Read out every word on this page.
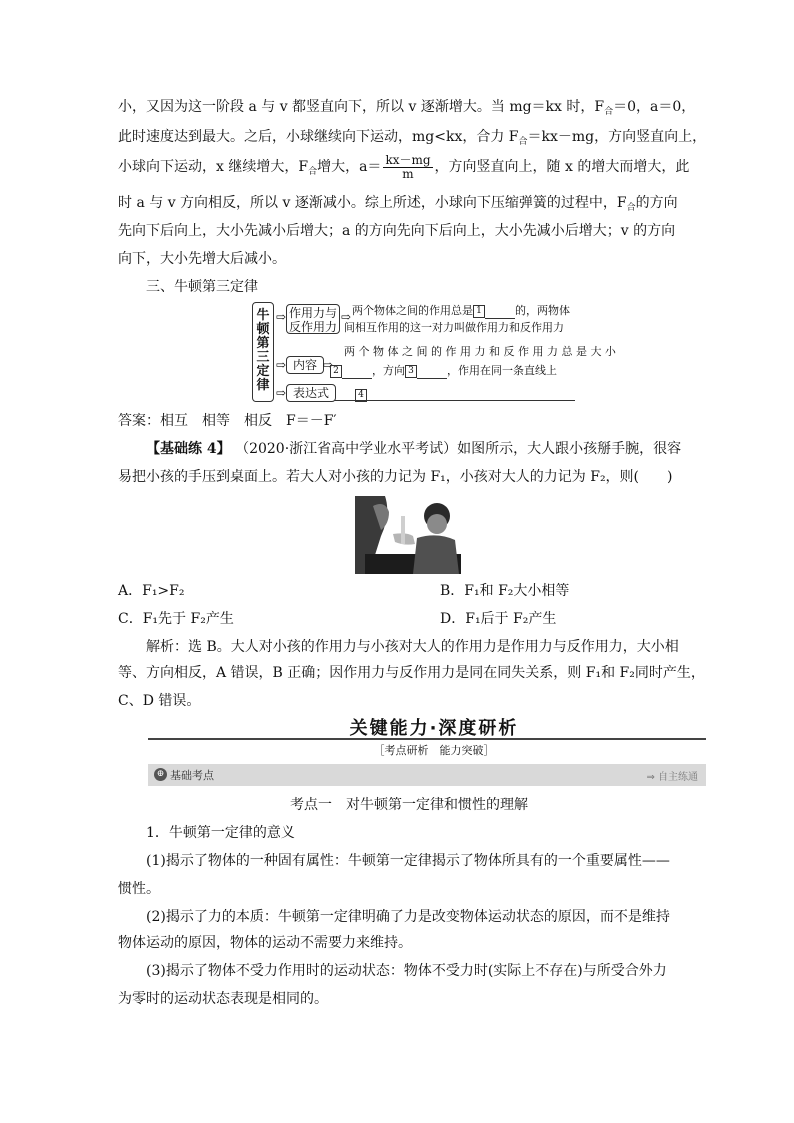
小，又因为这一阶段 a 与 v 都竖直向下，所以 v 逐渐增大。当 mg＝kx 时，$F_合=0$，a＝0，
此时速度达到最大。之后，小球继续向下运动，mg<kx，合力 $F_合=kx-mg$，方向竖直向上，
小球向下运动，x 继续增大，$F_合$增大，$a= \frac{kx-mg}{m}$ ，方向竖直向上，随 x 的增大而增大，此
时 a 与 v 方向相反，所以 v 逐渐减小。综上所述，小球向下压缩弹簧的过程中，$F_合$的方向
先向下后向上，大小先减小后增大；a 的方向先向下后向上，大小先减小后增大；v 的方向
向下，大小先增大后减小。
三、牛顿第三定律
牛
顿
第
三
定
律
⇨ 作用力与
反作用力
⇨ 两个物体之间的作用总是 1	的，两物体
间相互作用的这一对力叫做作用力和反作用力
⇨ 内容 ⇨
两 个 物 体 之 间 的 作 用 力 和 反 作 用 力 总 是 大 小
2	，方向 3	，作用在同一条直线上
⇨ 表达式	4
答案：相互　相等　相反　F＝－F′
【基础练 4】 （2020·浙江省高中学业水平考试）如图所示，大人跟小孩掰手腕，很容
易把小孩的手压到桌面上。若大人对小孩的力记为 F₁，小孩对大人的力记为 F₂，则(　　)
A．F₁>F₂	B．F₁和 F₂大小相等
C．F₁先于 F₂产生	D．F₁后于 F₂产生
解析：选 B。大人对小孩的作用力与小孩对大人的作用力是作用力与反作用力，大小相
等、方向相反，A 错误，B 正确；因作用力与反作用力是同在同失关系，则 F₁和 F₂同时产生，
C、D 错误。
关键能力·深度研析
［考点研析　能力突破］
⊕ 基础考点	⇒ 自主练通
考点一　对牛顿第一定律和惯性的理解
1．牛顿第一定律的意义
(1)揭示了物体的一种固有属性：牛顿第一定律揭示了物体所具有的一个重要属性——
惯性。
(2)揭示了力的本质：牛顿第一定律明确了力是改变物体运动状态的原因，而不是维持
物体运动的原因，物体的运动不需要力来维持。
(3)揭示了物体不受力作用时的运动状态：物体不受力时(实际上不存在)与所受合外力
为零时的运动状态表现是相同的。
